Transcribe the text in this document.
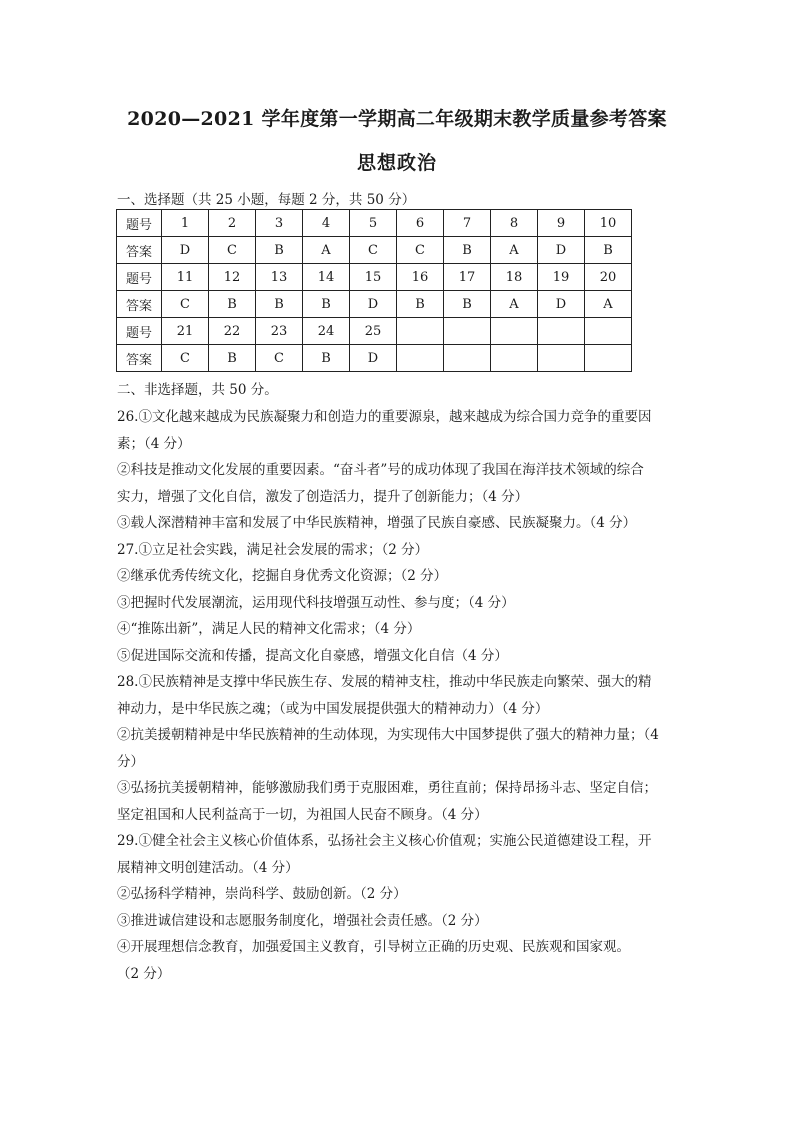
2020—2021 学年度第一学期高二年级期末教学质量参考答案
思想政治
一、选择题（共 25 小题，每题 2 分，共 50 分）
题号	1	2	3	4	5	6	7	8	9	10
答案	D	C	B	A	C	C	B	A	D	B
题号	11	12	13	14	15	16	17	18	19	20
答案	C	B	B	B	D	B	B	A	D	A
题号	21	22	23	24	25					
答案	C	B	C	B	D					
二、非选择题，共 50 分。

26.①文化越来越成为民族凝聚力和创造力的重要源泉，越来越成为综合国力竞争的重要因

素；（4 分）

②科技是推动文化发展的重要因素。“奋斗者”号的成功体现了我国在海洋技术领域的综合

实力，增强了文化自信，激发了创造活力，提升了创新能力；（4 分）

③载人深潜精神丰富和发展了中华民族精神，增强了民族自豪感、民族凝聚力。（4 分）

27.①立足社会实践，满足社会发展的需求；（2 分）

②继承优秀传统文化，挖掘自身优秀文化资源；（2 分）

③把握时代发展潮流，运用现代科技增强互动性、参与度；（4 分）

④“推陈出新”，满足人民的精神文化需求；（4 分）

⑤促进国际交流和传播，提高文化自豪感，增强文化自信（4 分）

28.①民族精神是支撑中华民族生存、发展的精神支柱，推动中华民族走向繁荣、强大的精

神动力，是中华民族之魂；（或为中国发展提供强大的精神动力）（4 分）

②抗美援朝精神是中华民族精神的生动体现，为实现伟大中国梦提供了强大的精神力量；（4

分）

③弘扬抗美援朝精神，能够激励我们勇于克服困难，勇往直前；保持昂扬斗志、坚定自信；

坚定祖国和人民利益高于一切，为祖国人民奋不顾身。（4 分）

29.①健全社会主义核心价值体系，弘扬社会主义核心价值观；实施公民道德建设工程，开

展精神文明创建活动。（4 分）

②弘扬科学精神，崇尚科学、鼓励创新。（2 分）

③推进诚信建设和志愿服务制度化，增强社会责任感。（2 分）

④开展理想信念教育，加强爱国主义教育，引导树立正确的历史观、民族观和国家观。

（2 分）
